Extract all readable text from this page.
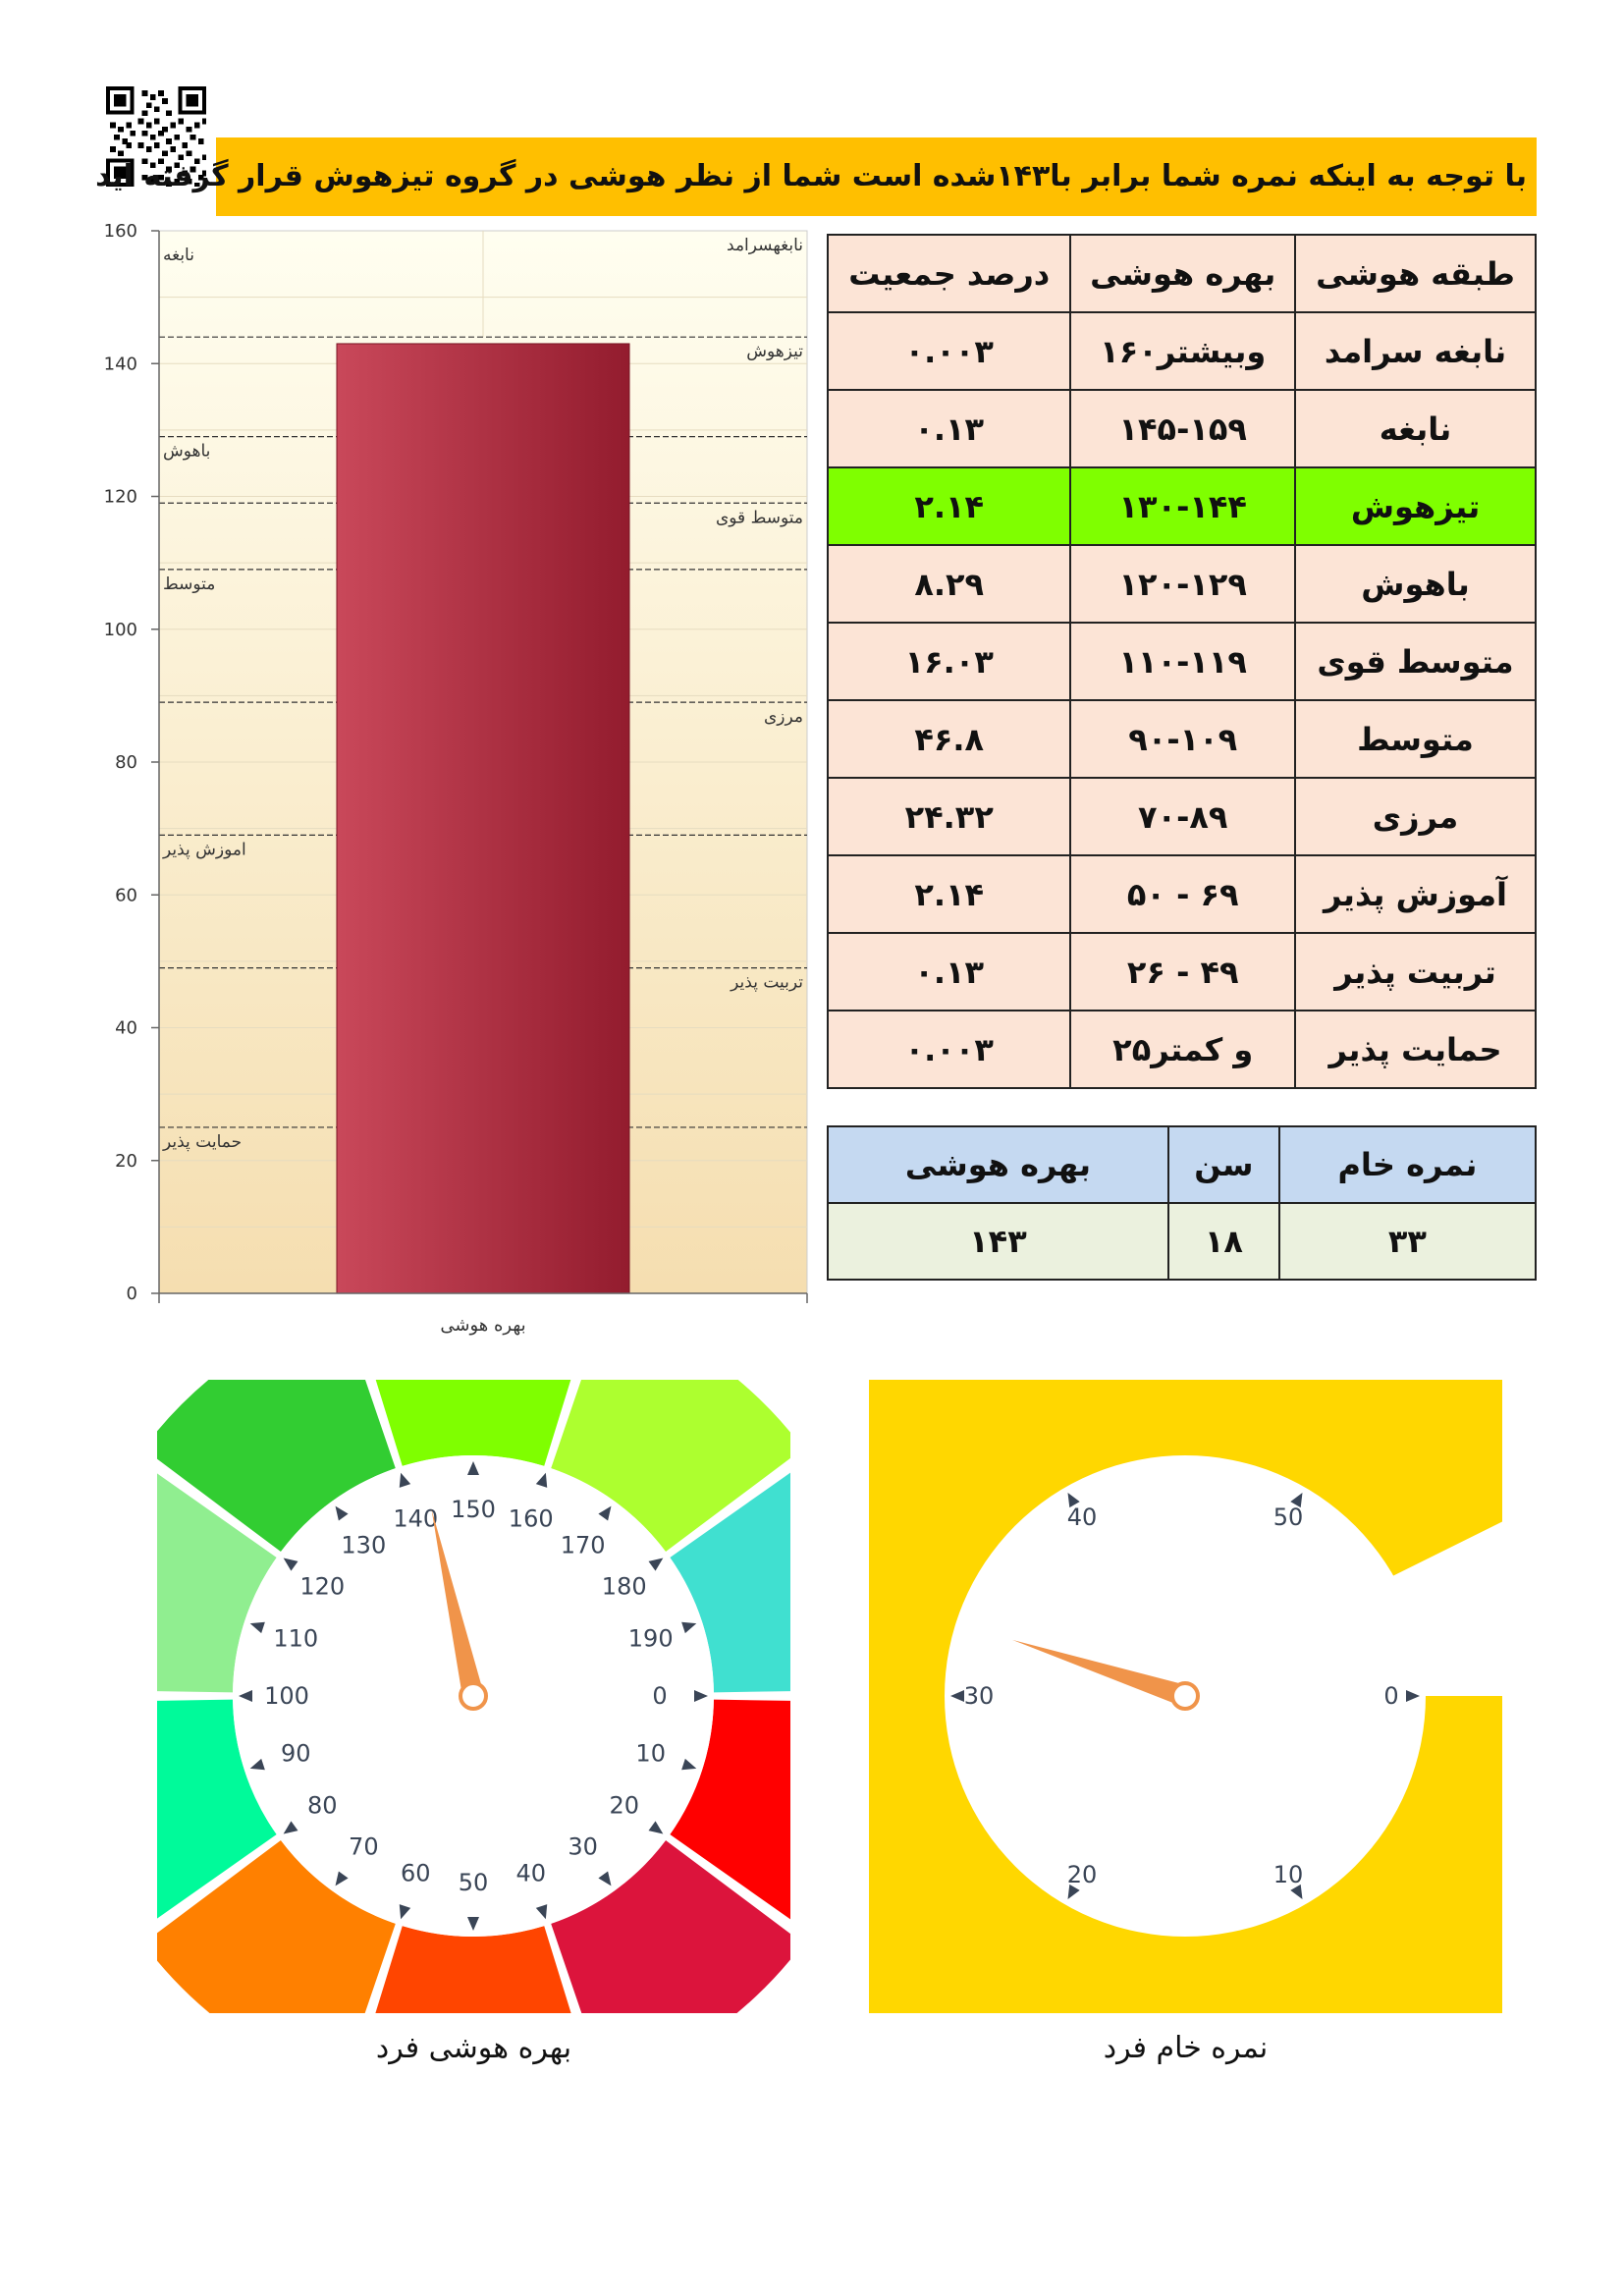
با توجه به اینکه نمره شما برابر با۱۴۳شده است شما از نظر هوشی در گروه تیزهوش قرار گرفته اید
نابغهسرامد
نابغه
تیزهوش
باهوش
متوسط قوی
متوسط
مرزی
اموزش پذیر
تربیت پذیر
حمایت پذیر
بهره هوشی
0
20
40
60
80
100
120
140
160
طبقه هوشی	بهره هوشی	درصد جمعیت
نابغه سرامد	وبیشتر۱۶۰	۰.۰۰۳
نابغه	۱۴۵-۱۵۹	۰.۱۳
تیزهوش	۱۳۰-۱۴۴	۲.۱۴
باهوش	۱۲۰-۱۲۹	۸.۲۹
متوسط قوی	۱۱۰-۱۱۹	۱۶.۰۳
متوسط	۹۰-۱۰۹	۴۶.۸
مرزی	۷۰-۸۹	۲۴.۳۲
آموزش پذیر	۶۹ - ۵۰	۲.۱۴
تربیت پذیر	۴۹ - ۲۶	۰.۱۳
حمایت پذیر	و کمتر۲۵	۰.۰۰۳
نمره خام	سن	بهره هوشی
۳۳	۱۸	۱۴۳
0
10
20
30
40
50
60
70
80
90
100
110
120
130
140 150 160
170
180
190
بهره هوشی فرد
0
10
20
30
40	50
نمره خام فرد
